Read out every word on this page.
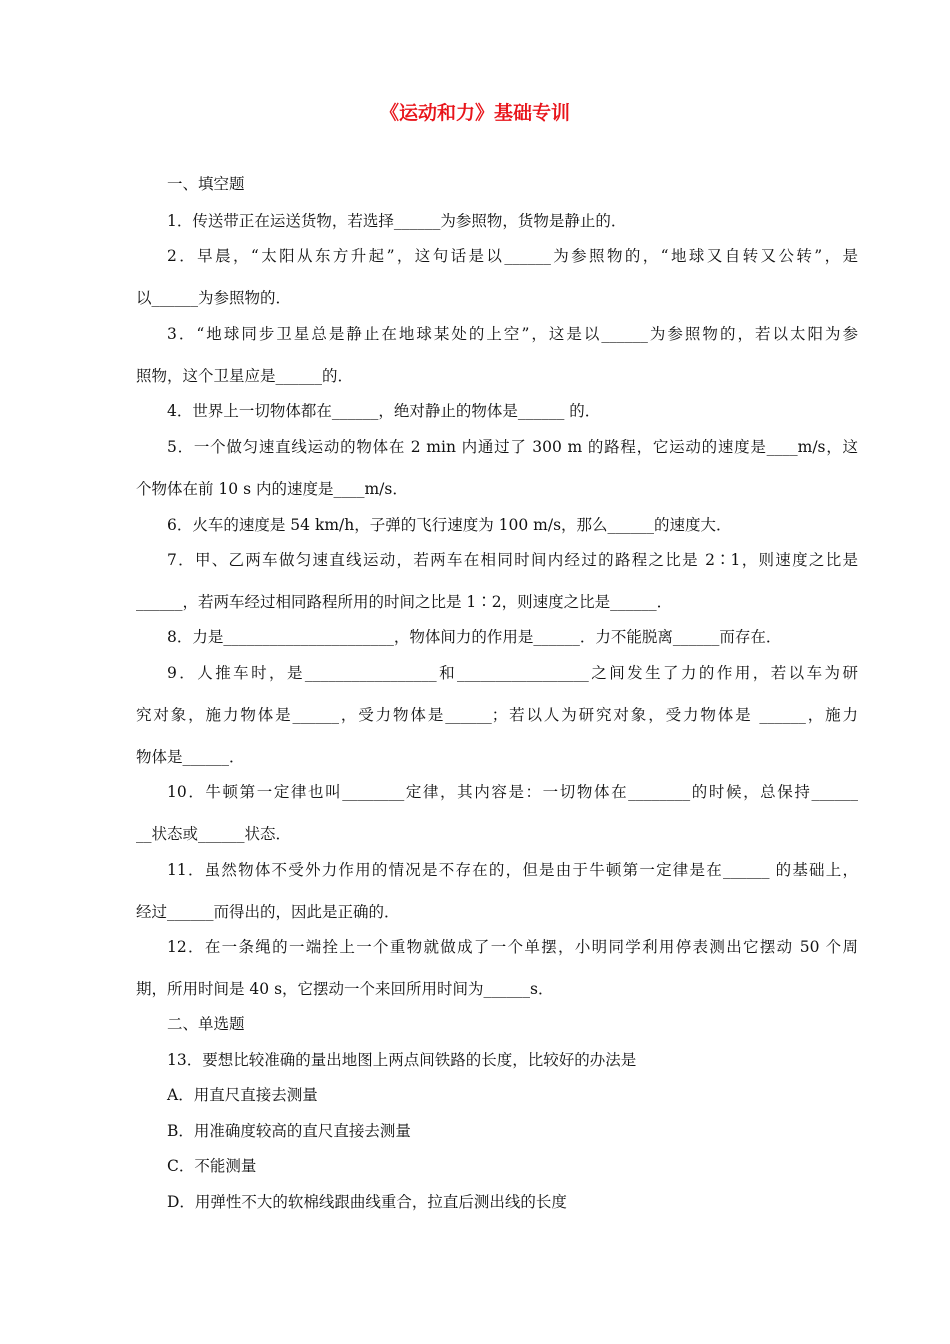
《运动和力》基础专训
一、填空题
1．传送带正在运送货物，若选择______为参照物，货物是静止的．
2．早晨，“太阳从东方升起”，这句话是以______为参照物的，“地球又自转又公转”，是
以______为参照物的．
3．“地球同步卫星总是静止在地球某处的上空”，这是以______为参照物的，若以太阳为参
照物，这个卫星应是______的．
4．世界上一切物体都在______，绝对静止的物体是______ 的．
5．一个做匀速直线运动的物体在 2 min 内通过了 300 m 的路程，它运动的速度是____m/s，这
个物体在前 10 s 内的速度是____m/s．
6．火车的速度是 54 km/h，子弹的飞行速度为 100 m/s，那么______的速度大．
7．甲、乙两车做匀速直线运动，若两车在相同时间内经过的路程之比是 2∶1，则速度之比是
______，若两车经过相同路程所用的时间之比是 1∶2，则速度之比是______．
8．力是______________________，物体间力的作用是______．力不能脱离______而存在．
9．人推车时，是_________________和_________________之间发生了力的作用，若以车为研
究对象，施力物体是______，受力物体是______；若以人为研究对象，受力物体是 ______，施力
物体是______．
10．牛顿第一定律也叫________定律，其内容是：一切物体在________的时候，总保持______
__状态或______状态．
11．虽然物体不受外力作用的情况是不存在的，但是由于牛顿第一定律是在______ 的基础上，
经过______而得出的，因此是正确的．
12．在一条绳的一端拴上一个重物就做成了一个单摆，小明同学利用停表测出它摆动 50 个周
期，所用时间是 40 s，它摆动一个来回所用时间为______s．
二、单选题
13．要想比较准确的量出地图上两点间铁路的长度，比较好的办法是
A．用直尺直接去测量
B．用准确度较高的直尺直接去测量
C．不能测量
D．用弹性不大的软棉线跟曲线重合，拉直后测出线的长度
